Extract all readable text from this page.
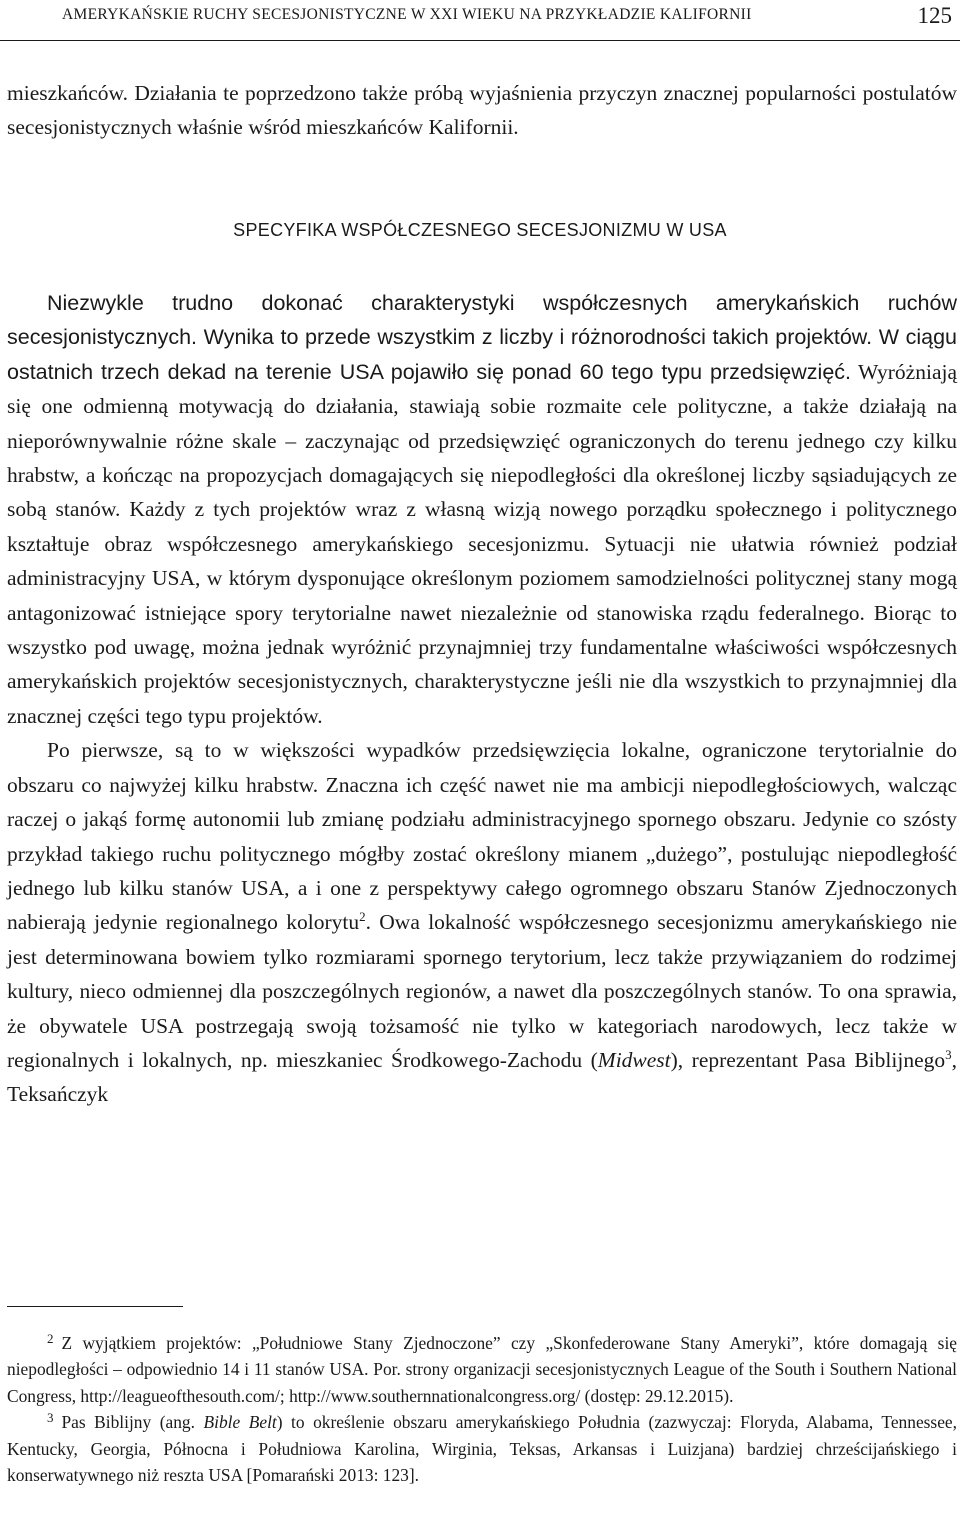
AMERYKAŃSKIE RUCHY SECESJONISTYCZNE W XXI WIEKU NA PRZYKŁADZIE KALIFORNII	125

mieszkańców. Działania te poprzedzono także próbą wyjaśnienia przyczyn znacznej popularności postulatów secesjonistycznych właśnie wśród mieszkańców Kalifornii.

SPECYFIKA WSPÓŁCZESNEGO SECESJONIZMU W USA

Niezwykle trudno dokonać charakterystyki współczesnych amerykańskich ruchów secesjonistycznych. Wynika to przede wszystkim z liczby i różnorodności takich projektów. W ciągu ostatnich trzech dekad na terenie USA pojawiło się ponad 60 tego typu przedsięwzięć. Wyróżniają się one odmienną motywacją do działania, stawiają sobie rozmaite cele polityczne, a także działają na nieporównywalnie różne skale – zaczynając od przedsięwzięć ograniczonych do terenu jednego czy kilku hrabstw, a kończąc na propozycjach domagających się niepodległości dla określonej liczby sąsiadujących ze sobą stanów. Każdy z tych projektów wraz z własną wizją nowego porządku społecznego i politycznego kształtuje obraz współczesnego amerykańskiego secesjonizmu. Sytuacji nie ułatwia również podział administracyjny USA, w którym dysponujące określonym poziomem samodzielności politycznej stany mogą antagonizować istniejące spory terytorialne nawet niezależnie od stanowiska rządu federalnego. Biorąc to wszystko pod uwagę, można jednak wyróżnić przynajmniej trzy fundamentalne właściwości współczesnych amerykańskich projektów secesjonistycznych, charakterystyczne jeśli nie dla wszystkich to przynajmniej dla znacznej części tego typu projektów.

Po pierwsze, są to w większości wypadków przedsięwzięcia lokalne, ograniczone terytorialnie do obszaru co najwyżej kilku hrabstw. Znaczna ich część nawet nie ma ambicji niepodległościowych, walcząc raczej o jakąś formę autonomii lub zmianę podziału administracyjnego spornego obszaru. Jedynie co szósty przykład takiego ruchu politycznego mógłby zostać określony mianem „dużego”, postulując niepodległość jednego lub kilku stanów USA, a i one z perspektywy całego ogromnego obszaru Stanów Zjednoczonych nabierają jedynie regionalnego kolorytu$^2$. Owa lokalność współczesnego secesjonizmu amerykańskiego nie jest determinowana bowiem tylko rozmiarami spornego terytorium, lecz także przywiązaniem do rodzimej kultury, nieco odmiennej dla poszczególnych regionów, a nawet dla poszczególnych stanów. To ona sprawia, że obywatele USA postrzegają swoją tożsamość nie tylko w kategoriach narodowych, lecz także w regionalnych i lokalnych, np. mieszkaniec Środkowego-Zachodu (Midwest), reprezentant Pasa Biblijnego$^3$, Teksańczyk

$^2$ Z wyjątkiem projektów: „Południowe Stany Zjednoczone” czy „Skonfederowane Stany Ameryki”, które domagają się niepodległości – odpowiednio 14 i 11 stanów USA. Por. strony organizacji secesjonistycznych League of the South i Southern National Congress, http://leagueofthesouth.com/; http://www.southernnationalcongress.org/ (dostęp: 29.12.2015).

$^3$ Pas Biblijny (ang. Bible Belt) to określenie obszaru amerykańskiego Południa (zazwyczaj: Floryda, Alabama, Tennessee, Kentucky, Georgia, Północna i Południowa Karolina, Wirginia, Teksas, Arkansas i Luizjana) bardziej chrześcijańskiego i konserwatywnego niż reszta USA [Pomarański 2013: 123].
